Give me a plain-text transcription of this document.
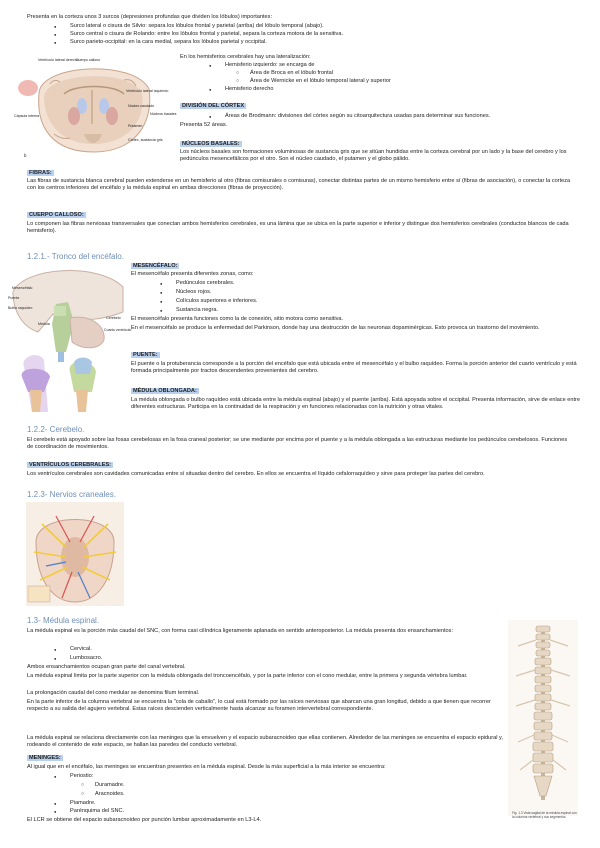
Presenta en la corteza unos 3 surcos (depresiones profundas que dividen los lóbulos) importantes:
● Surco lateral o cisura de Silvio: separa los lóbulos frontal y parietal (arriba) del lóbulo temporal (abajo).
● Surco central o cisura de Rolando: entre los lóbulos frontal y parietal, separa la corteza motora de la sensitiva.
● Surco parieto-occipital: en la cara medial, separa los lóbulos parietal y occipital.
Ventrículo lateral derecho
Cuerpo calloso
Ventrículo lateral izquierdo
Núcleo caudado
Putamen
Núcleos basales
Cápsula interna
Córtex, sustancia gris
b
En los hemisferios cerebrales hay una lateralización:
● Hemisferio izquierdo: se encarga de
○ Área de Broca en el lóbulo frontal
○ Área de Wernicke en el lóbulo temporal lateral y superior
● Hemisferio derecho
DIVISIÓN DEL CÓRTEX
● Áreas de Brodmann: divisiones del córtex según su citoarquitectura usadas para determinar sus funciones.
Presenta 52 áreas.
NÚCLEOS BASALES:
Los núcleos basales son formaciones voluminosas de sustancia gris que se sitúan hundidas entre la corteza cerebral por un lado y la base del cerebro y los pedúnculos mesencefálicos por el otro. Son el núcleo caudado, el putamen y el globo pálido.
FIBRAS:
Las fibras de sustancia blanca cerebral pueden extenderse en un hemisferio al otro (fibras comisurales o comisuras), conectar distintas partes de un mismo hemisferio entre sí (fibras de asociación), o conectar la corteza con los centros inferiores del encéfalo y la médula espinal en ambas direcciones (fibras de proyección).
CUERPO CALLOSO:
Lo componen las fibras nerviosas transversales que conectan ambos hemisferios cerebrales, es una lámina que se ubica en la parte superior e inferior y distingue dos hemisferios cerebrales (conductos blancos de cada hemisferio).
1.2.1.- Tronco del encéfalo.
Mesencéfalo
Puente
Bulbo raquídeo
Médula
Cerebelo
Cuarto ventrículo
MESENCÉFALO:
El mesencéfalo presenta diferentes zonas, como:
● Pedúnculos cerebrales.
● Núcleos rojos.
● Colículos superiores e inferiores.
● Sustancia negra.
El mesencéfalo presenta funciones como la de conexión, sitio motora como sensitiva.
En el mesencéfalo se produce la enfermedad del Parkinson, donde hay una destrucción de las neuronas dopaminérgicas. Esto provoca un trastorno del movimiento.
PUENTE:
El puente o la protuberancia corresponde a la porción del encéfalo que está ubicada entre el mesencéfalo y el bulbo raquídeo. Forma la porción anterior del cuarto ventrículo y está formada principalmente por tractos descendentes provenientes del cerebro.
MÉDULA OBLONGADA:
La médula oblongada o bulbo raquídeo está ubicada entre la médula espinal (abajo) y el puente (arriba). Está apoyada sobre el occipital. Presenta información, sirve de enlace entre diferentes estructuras. Participa en la continuidad de la respiración y en funciones relacionadas con la nutrición y otras vitales.
1.2.2- Cerebelo.
El cerebelo está apoyado sobre las fosas cerebelosas en la fosa craneal posterior; se une mediante por encima por el puente y a la médula oblongada a las estructuras mediante los pedúnculos cerebelosos. Funciones de coordinación de movimientos.
VENTRÍCULOS CEREBRALES:
Los ventrículos cerebrales son cavidades comunicadas entre sí situadas dentro del cerebro. En ellos se encuentra el líquido cefalorraquídeo y sirve para proteger las partes del cerebro.
1.2.3- Nervios craneales.
1.3- Médula espinal.
La médula espinal es la porción más caudal del SNC, con forma casi cilíndrica ligeramente aplanada en sentido anteroposterior. La médula presenta dos ensanchamientos:
● Cervical.
● Lumbosacro.
Ambos ensanchamientos ocupan gran parte del canal vertebral.
La médula espinal limita por la parte superior con la médula oblongada del troncoencéfalo, y por la parte inferior con el cono medular, entre la primera y segunda vértebra lumbar.
La prolongación caudal del cono medular se denomina filum terminal.
En la parte inferior de la columna vertebral se encuentra la "cola de caballo", lo cual está formado por las raíces nerviosas que abarcan una gran longitud, debido a que tienen que recorrer respecto a su salida del agujero vertebral. Estas raíces descienden verticalmente hasta alcanzar su foramen intervertebral correspondiente.
La médula espinal se relaciona directamente con las meninges que la envuelven y el espacio subaracnoideo que ellas contienen. Alrededor de las meninges se encuentra el espacio epidural y, rodeando el contenido de este espacio, se hallan las paredes del conducto vertebral.
MENINGES:
Al igual que en el encéfalo, las meninges se encuentran presentes en la médula espinal. Desde la más superficial a la más interior se encuentra:
● Periostio:
○ Duramadre.
○ Aracnoides.
● Piamadre.
● Parénquima del SNC.
El LCR se obtiene del espacio subaracnoideo por punción lumbar aproximadamente en L3-L4.
Fig. 1.3 Vista sagital de la médula espinal con la columna vertebral y sus segmentos
